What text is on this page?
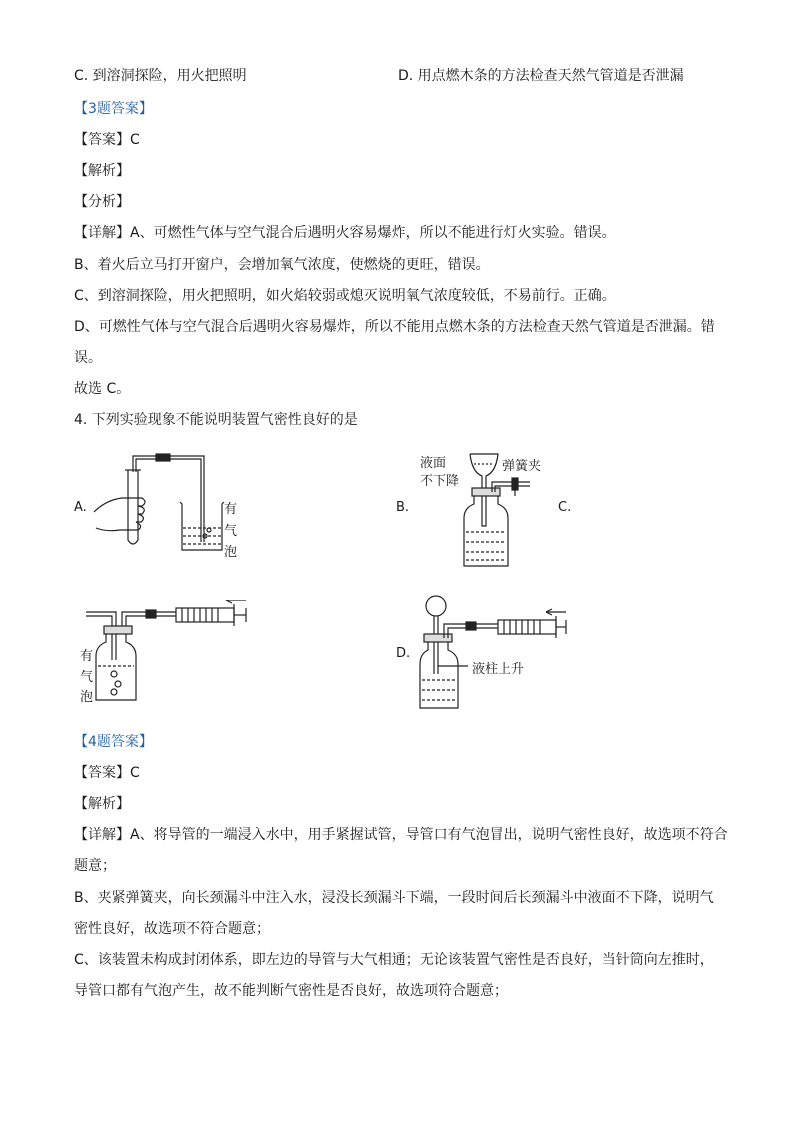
C. 到溶洞探险，用火把照明	D. 用点燃木条的方法检查天然气管道是否泄漏
【3题答案】
【答案】C
【解析】
【分析】
【详解】A、可燃性气体与空气混合后遇明火容易爆炸，所以不能进行灯火实验。错误。
B、着火后立马打开窗户，会增加氧气浓度，使燃烧的更旺，错误。
C、到溶洞探险，用火把照明，如火焰较弱或熄灭说明氧气浓度较低，不易前行。正确。
D、可燃性气体与空气混合后遇明火容易爆炸，所以不能用点燃木条的方法检查天然气管道是否泄漏。错
误。
故选 C。
4. 下列实验现象不能说明装置气密性良好的是
A.	B.	C.
D.
有
气
泡
液面
不下降
弹簧夹
有
气
泡
液柱上升
【4题答案】
【答案】C
【解析】
【详解】A、将导管的一端浸入水中，用手紧握试管，导管口有气泡冒出，说明气密性良好，故选项不符合
题意；
B、夹紧弹簧夹，向长颈漏斗中注入水，浸没长颈漏斗下端，一段时间后长颈漏斗中液面不下降，说明气
密性良好，故选项不符合题意；
C、该装置未构成封闭体系，即左边的导管与大气相通；无论该装置气密性是否良好，当针筒向左推时，
导管口都有气泡产生，故不能判断气密性是否良好，故选项符合题意；
